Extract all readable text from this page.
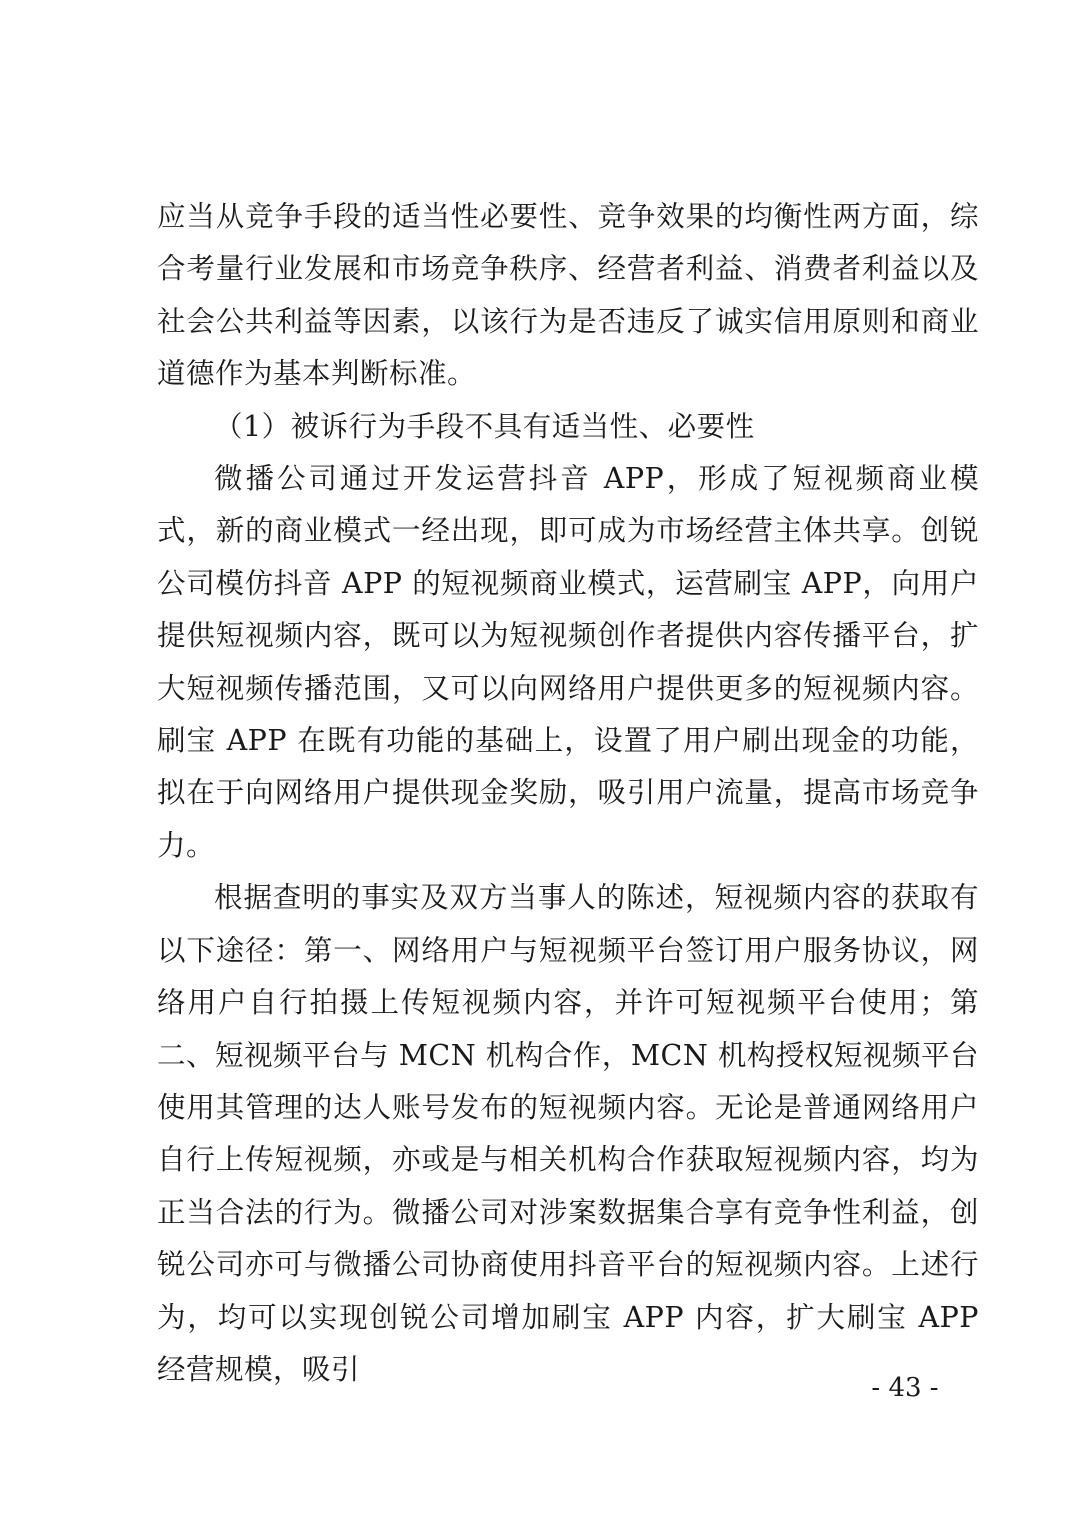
应当从竞争手段的适当性必要性、竞争效果的均衡性两方面，综合考量行业发展和市场竞争秩序、经营者利益、消费者利益以及社会公共利益等因素，以该行为是否违反了诚实信用原则和商业道德作为基本判断标准。

（1）被诉行为手段不具有适当性、必要性

微播公司通过开发运营抖音 APP，形成了短视频商业模式，新的商业模式一经出现，即可成为市场经营主体共享。创锐公司模仿抖音 APP 的短视频商业模式，运营刷宝 APP，向用户提供短视频内容，既可以为短视频创作者提供内容传播平台，扩大短视频传播范围，又可以向网络用户提供更多的短视频内容。刷宝 APP 在既有功能的基础上，设置了用户刷出现金的功能，拟在于向网络用户提供现金奖励，吸引用户流量，提高市场竞争力。

根据查明的事实及双方当事人的陈述，短视频内容的获取有以下途径：第一、网络用户与短视频平台签订用户服务协议，网络用户自行拍摄上传短视频内容，并许可短视频平台使用；第二、短视频平台与 MCN 机构合作，MCN 机构授权短视频平台使用其管理的达人账号发布的短视频内容。无论是普通网络用户自行上传短视频，亦或是与相关机构合作获取短视频内容，均为正当合法的行为。微播公司对涉案数据集合享有竞争性利益，创锐公司亦可与微播公司协商使用抖音平台的短视频内容。上述行为，均可以实现创锐公司增加刷宝 APP 内容，扩大刷宝 APP 经营规模，吸引

- 43 -
